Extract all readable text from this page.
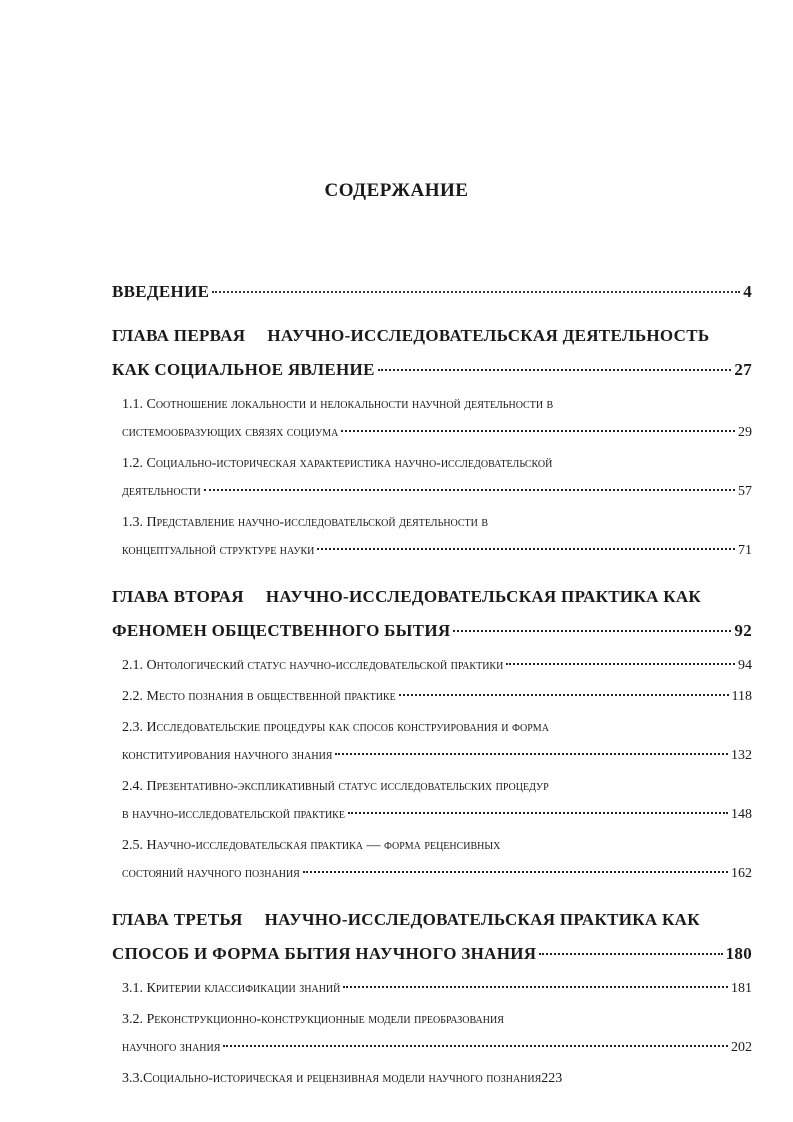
СОДЕРЖАНИЕ
ВВЕДЕНИЕ	4
ГЛАВА ПЕРВАЯ НАУЧНО-ИССЛЕДОВАТЕЛЬСКАЯ ДЕЯТЕЛЬНОСТЬ
КАК СОЦИАЛЬНОЕ ЯВЛЕНИЕ	27
1.1. Соотношение локальности и нелокальности научной деятельности в
системообразующих связях социума	29
1.2. Социально-историческая характеристика научно-исследовательской
деятельности	57
1.3. Представление научно-исследовательской деятельности в
концептуальной структуре науки	71
ГЛАВА ВТОРАЯ НАУЧНО-ИССЛЕДОВАТЕЛЬСКАЯ ПРАКТИКА КАК
ФЕНОМЕН ОБЩЕСТВЕННОГО БЫТИЯ	92
2.1. Онтологический статус научно-исследовательской практики	94
2.2. Место познания в общественной практике	118
2.3. Исследовательские процедуры как способ конструирования и форма
конституирования научного знания	132
2.4. Презентативно-экспликативный статус исследовательских процедур
в научно-исследовательской практике	148
2.5. Научно-исследовательская практика — форма реценсивных
состояний научного познания	162
ГЛАВА ТРЕТЬЯ НАУЧНО-ИССЛЕДОВАТЕЛЬСКАЯ ПРАКТИКА КАК
СПОСОБ И ФОРМА БЫТИЯ НАУЧНОГО ЗНАНИЯ	180
3.1. Критерии классификации знаний	181
3.2. Реконструкционно-конструкционные модели преобразования
научного знания	202
3.3.Социально-историческая и рецензивная модели научного познания 223
